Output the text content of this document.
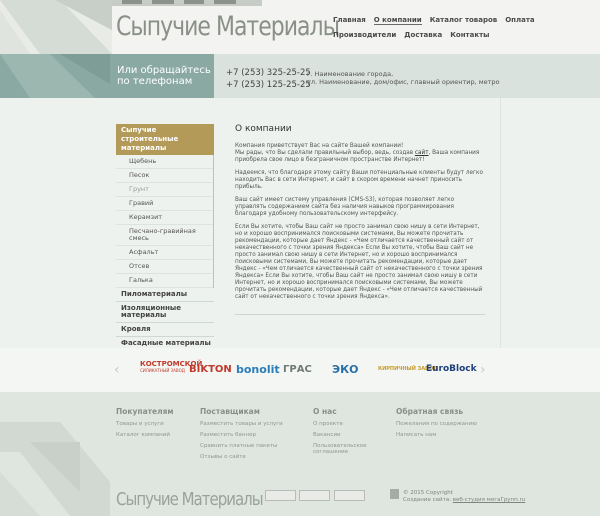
Сыпучие Материалы
Главная О компании Каталог товаров Оплата
Производители Доставка Контакты
Или обращайтесь по телефонам
+7 (253) 325-25-25
+7 (253) 125-25-25
г. Наименование города,
ул. Наименование, дом/офис, главный ориентир, метро
Сыпучие строительные материалы
Щебень
Песок
Грунт
Гравий
Керамзит
Песчано-гравийная смесь
Асфальт
Отсев
Галька
Пиломатериалы
Изоляционные материалы
Кровля
Фасадные материалы
О компании
Компания приветствует Вас на сайте Вашей компании!
Мы рады, что Вы сделали правильный выбор, ведь, создав сайт, Ваша компания приобрела свое лицо в безграничном пространстве Интернет!
Надеемся, что благодаря этому сайту Ваши потенциальные клиенты будут легко находить Вас в сети Интернет, и сайт в скором времени начнет приносить прибыль.
Ваш сайт имеет систему управления (CMS-S3), которая позволяет легко управлять содержанием сайта без наличия навыков программирования благодаря удобному пользовательскому интерфейсу.
Если Вы хотите, чтобы Ваш сайт не просто занимал свою нишу в сети Интернет, но и хорошо воспринимался поисковыми системами, Вы можете прочитать рекомендации, которые дает Яндекс - «Чем отличается качественный сайт от некачественного с точки зрения Яндекса» Если Вы хотите, чтобы Ваш сайт не просто занимал свою нишу в сети Интернет, но и хорошо воспринимался поисковыми системами, Вы можете прочитать рекомендации, которые дает Яндекс - «Чем отличается качественный сайт от некачественного с точки зрения Яндекса» Если Вы хотите, чтобы Ваш сайт не просто занимал свою нишу в сети Интернет, но и хорошо воспринимался поисковыми системами, Вы можете прочитать рекомендации, которые дает Яндекс - «Чем отличается качественный сайт от некачественного с точки зрения Яндекса».
‹	›
КОСТРОМСКОЙ
СИЛИКАТНЫЙ ЗАВОД BIKTON bonolit ГРАС ЭКО	КИРПИЧНЫЙ ЗАВОД
EuroBlock
Покупателям
Товары и услуги
Каталог компаний
Поставщикам
Разместить товары и услуги
Разместить баннер
Сравнить платные пакеты
Отзывы о сайте
О нас
О проекте
Вакансии
Пользовательское соглашение
Обратная связь
Пожелания по содержанию
Написать нам
Сыпучие Материалы	© 2015 Copyright
Создание сайта: веб-студия мегаГрупп.ru
